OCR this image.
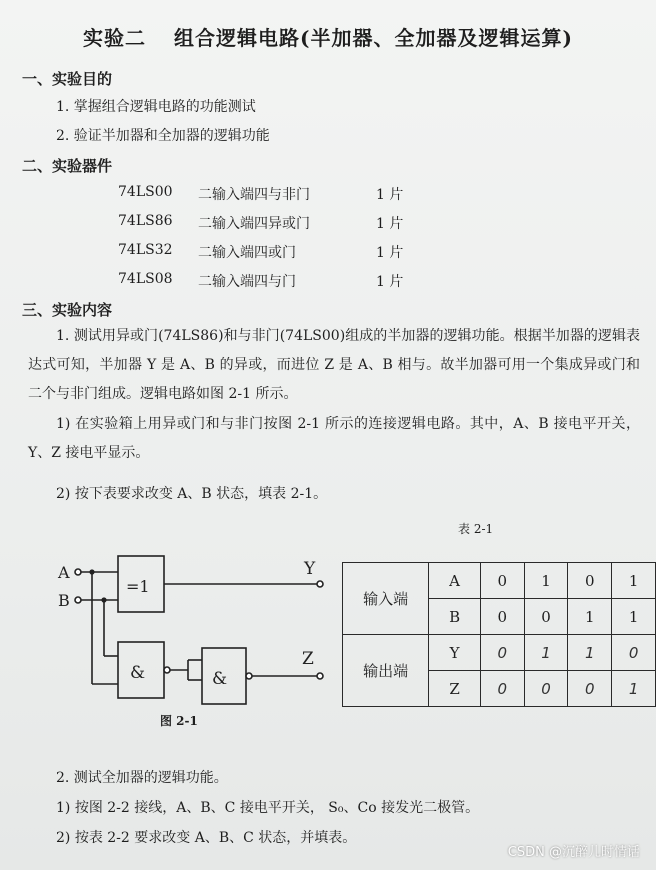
实验二 组合逻辑电路(半加器、全加器及逻辑运算)
一、实验目的
1. 掌握组合逻辑电路的功能测试
2. 验证半加器和全加器的逻辑功能
二、实验器件
74LS00 二输入端四与非门	1 片
74LS86 二输入端四异或门	1 片
74LS32 二输入端四或门	1 片
74LS08 二输入端四与门	1 片
三、实验内容
1. 测试用异或门(74LS86)和与非门(74LS00)组成的半加器的逻辑功能。根据半加器的逻辑表达式可知，半加器 Y 是 A、B 的异或，而进位 Z 是 A、B 相与。故半加器可用一个集成异或门和二个与非门组成。逻辑电路如图 2-1 所示。
1) 在实验箱上用异或门和与非门按图 2-1 所示的连接逻辑电路。其中，A、B 接电平开关，Y、Z 接电平显示。
2) 按下表要求改变 A、B 状态，填表 2-1。
表 2-1
A
B
=1
&	&
Y
Z
图 2-1
输入端	A	0	1	0	1
	B	0	0	1	1
输出端	Y	0	1	1	0
	Z	0	0	0	1
2. 测试全加器的逻辑功能。
1) 按图 2-2 接线，A、B、C 接电平开关， S₀、Co 接发光二极管。
2) 按表 2-2 要求改变 A、B、C 状态，并填表。
CSDN @沉醉儿时情话
